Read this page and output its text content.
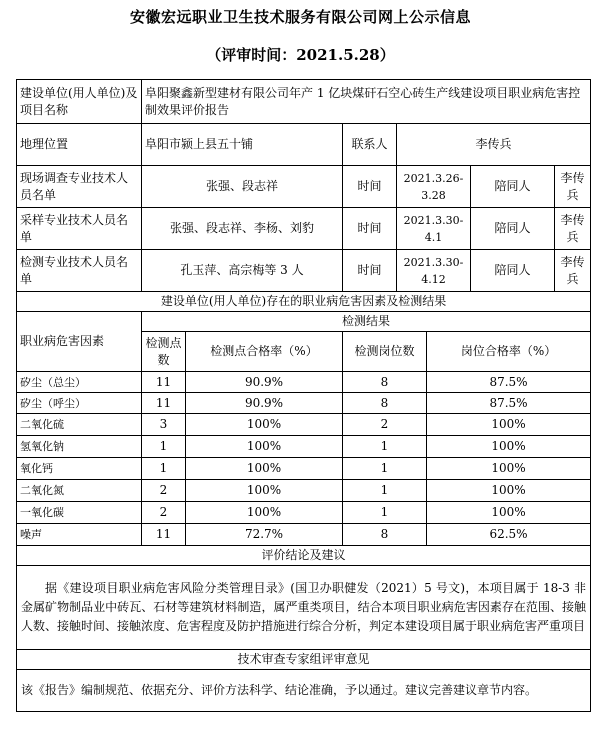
安徽宏远职业卫生技术服务有限公司网上公示信息
（评审时间：2021.5.28）
建设单位(用人单位)及项目名称	阜阳聚鑫新型建材有限公司年产 1 亿块煤矸石空心砖生产线建设项目职业病危害控制效果评价报告						
地理位置	阜阳市颍上县五十铺		联系人	李传兵			
现场调查专业技术人员名单	张强、段志祥		时间	2021.3.26-3.28		陪同人	李传兵
采样专业技术人员名单	张强、段志祥、李杨、刘豹		时间	2021.3.30-4.1		陪同人	李传兵
检测专业技术人员名单	孔玉萍、高宗梅等 3 人		时间	2021.3.30-4.12		陪同人	李传兵
建设单位(用人单位)存在的职业病危害因素及检测结果							
职业病危害因素	检测结果						
	检测点数	检测点合格率（%）	检测岗位数		岗位合格率（%）		
矽尘（总尘）	11	90.9%	8		87.5%		
矽尘（呼尘）	11	90.9%	8		87.5%		
二氧化硫	3	100%	2		100%		
氢氧化钠	1	100%	1		100%		
氧化钙	1	100%	1		100%		
二氧化氮	2	100%	1		100%		
一氧化碳	2	100%	1		100%		
噪声	11	72.7%	8		62.5%		
评价结论及建议							
据《建设项目职业病危害风险分类管理目录》(国卫办职健发（2021）5 号文)，本项目属于 18-3 非金属矿物制品业中砖瓦、石材等建筑材料制造，属严重类项目，结合本项目职业病危害因素存在范围、接触人数、接触时间、接触浓度、危害程度及防护措施进行综合分析，判定本建设项目属于职业病危害严重项目							
技术审查专家组评审意见							
该《报告》编制规范、依据充分、评价方法科学、结论准确，予以通过。建议完善建议章节内容。							
